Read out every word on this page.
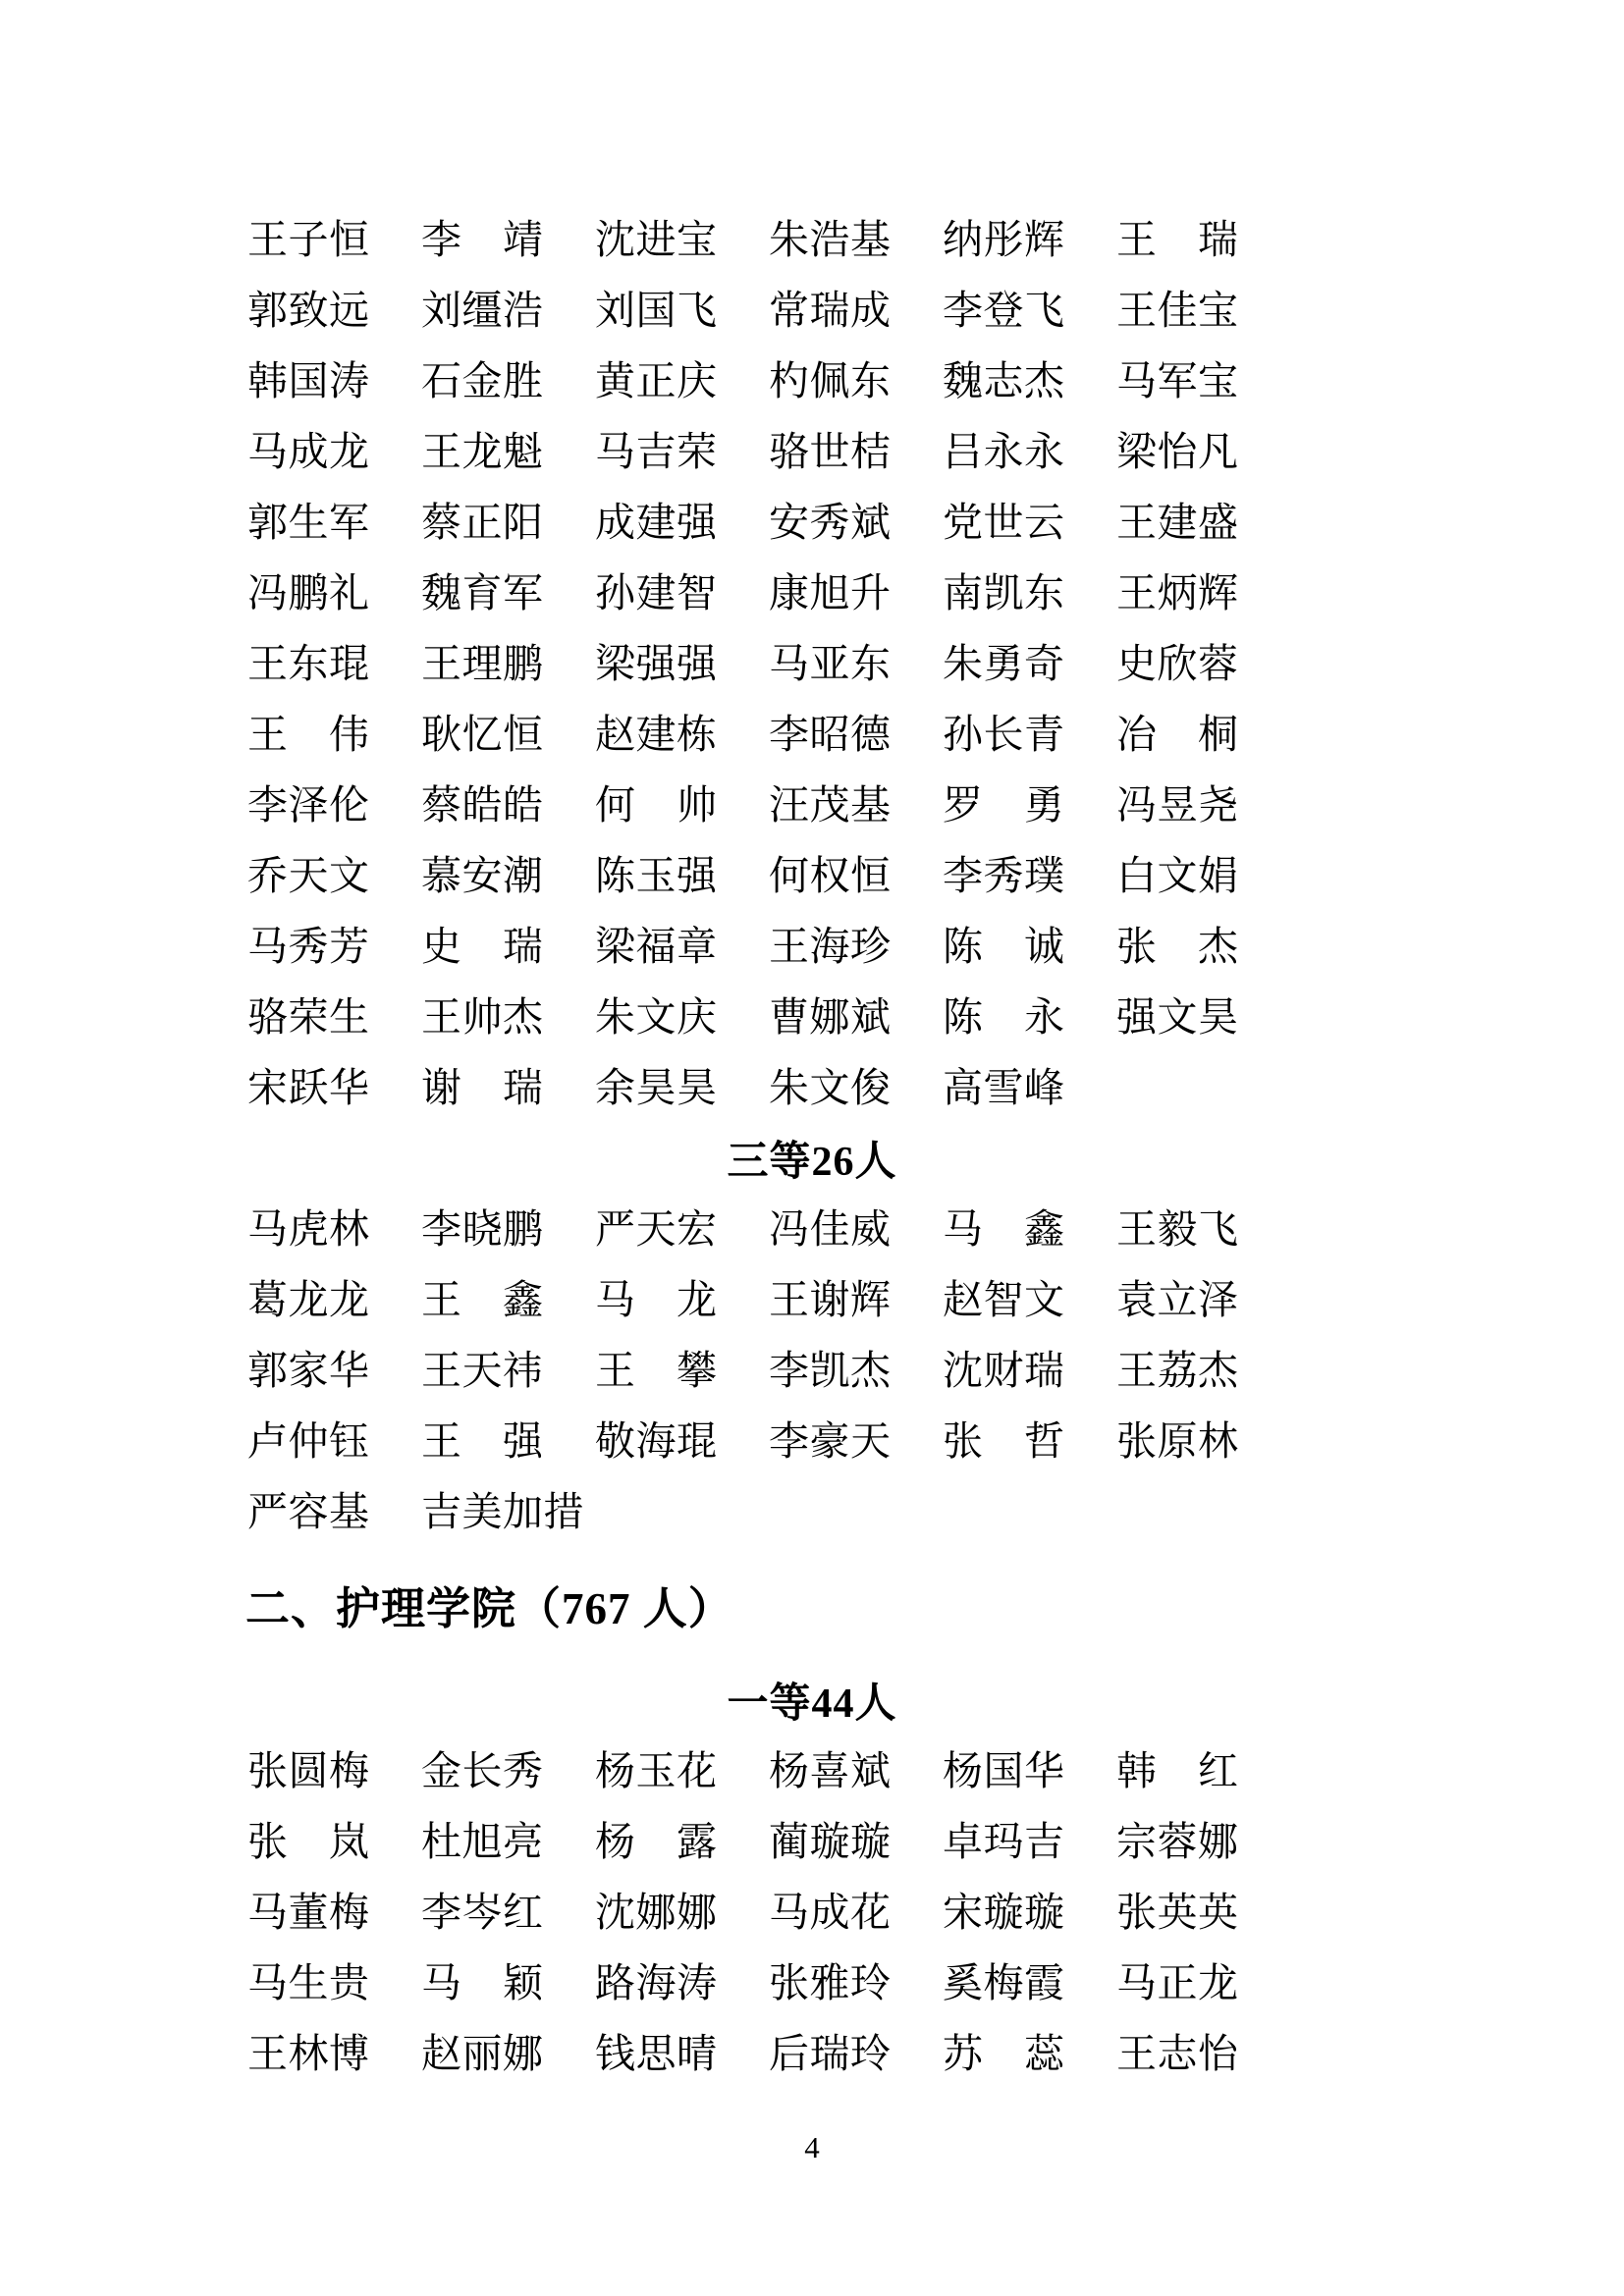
王子恒	李　靖	沈进宝	朱浩基	纳彤辉	王　瑞
郭致远	刘缰浩	刘国飞	常瑞成	李登飞	王佳宝
韩国涛	石金胜	黄正庆	杓佩东	魏志杰	马军宝
马成龙	王龙魁	马吉荣	骆世桔	吕永永	梁怡凡
郭生军	蔡正阳	成建强	安秀斌	党世云	王建盛
冯鹏礼	魏育军	孙建智	康旭升	南凯东	王炳辉
王东琨	王理鹏	梁强强	马亚东	朱勇奇	史欣蓉
王　伟	耿忆恒	赵建栋	李昭德	孙长青	冶　桐
李泽伦	蔡皓皓	何　帅	汪茂基	罗　勇	冯昱尧
乔天文	慕安潮	陈玉强	何权恒	李秀璞	白文娟
马秀芳	史　瑞	梁福章	王海珍	陈　诚	张　杰
骆荣生	王帅杰	朱文庆	曹娜斌	陈　永	强文昊
宋跃华	谢　瑞	余昊昊	朱文俊	高雪峰
三等26人
马虎林	李晓鹏	严天宏	冯佳威	马　鑫	王毅飞
葛龙龙	王　鑫	马　龙	王谢辉	赵智文	袁立泽
郭家华	王天祎	王　攀	李凯杰	沈财瑞	王荔杰
卢仲钰	王　强	敬海琨	李豪天	张　哲	张原林
严容基	吉美加措
二、护理学院（767 人）
一等44人
张圆梅	金长秀	杨玉花	杨喜斌	杨国华	韩　红
张　岚	杜旭亮	杨　露	蔺璇璇	卓玛吉	宗蓉娜
马董梅	李岑红	沈娜娜	马成花	宋璇璇	张英英
马生贵	马　颖	路海涛	张雅玲	奚梅霞	马正龙
王林博	赵丽娜	钱思晴	后瑞玲	苏　蕊	王志怡
4
